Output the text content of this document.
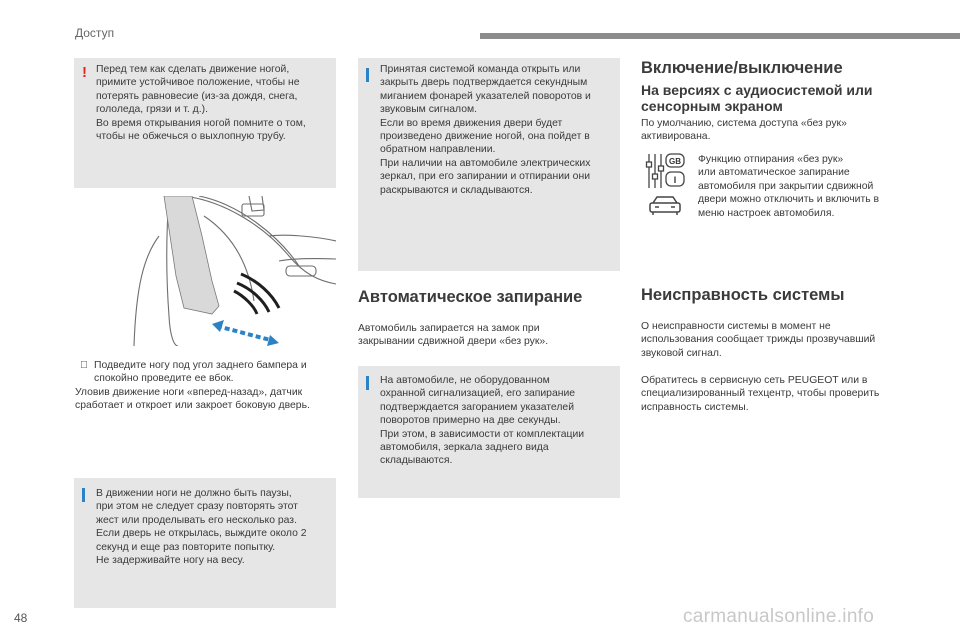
Доступ
! Перед тем как сделать движение ногой,
примите устойчивое положение, чтобы не
потерять равновесие (из-за дождя, снега,
гололеда, грязи и т. д.).
Во время открывания ногой помните о том,
чтобы не обжечься о выхлопную трубу.
Подведите ногу под угол заднего бампера и
спокойно проведите ее вбок.
Уловив движение ноги «вперед-назад», датчик
сработает и откроет или закроет боковую дверь.
В движении ноги не должно быть паузы,
при этом не следует сразу повторять этот
жест или проделывать его несколько раз.
Если дверь не открылась, выждите около 2
секунд и еще раз повторите попытку.
Не задерживайте ногу на весу.
Принятая системой команда открыть или
закрыть дверь подтверждается секундным
миганием фонарей указателей поворотов и
звуковым сигналом.
Если во время движения двери будет
произведено движение ногой, она пойдет в
обратном направлении.
При наличии на автомобиле электрических
зеркал, при его запирании и отпирании они
раскрываются и складываются.
Автоматическое запирание
Автомобиль запирается на замок при
закрывании сдвижной двери «без рук».
На автомобиле, не оборудованном
охранной сигнализацией, его запирание
подтверждается загоранием указателей
поворотов примерно на две секунды.
При этом, в зависимости от комплектации
автомобиля, зеркала заднего вида
складываются.
Включение/выключение
На версиях с аудиосистемой или
сенсорным экраном
По умолчанию, система доступа «без рук»
активирована.
GB
I
Функцию отпирания «без рук»
или автоматическое запирание
автомобиля при закрытии сдвижной
двери можно отключить и включить в
меню настроек автомобиля.
Неисправность системы
О неисправности системы в момент не
использования сообщает трижды прозвучавший
звуковой сигнал.
Обратитесь в сервисную сеть PEUGEOT или в
специализированный техцентр, чтобы проверить
исправность системы.
48	carmanualsonline.info
